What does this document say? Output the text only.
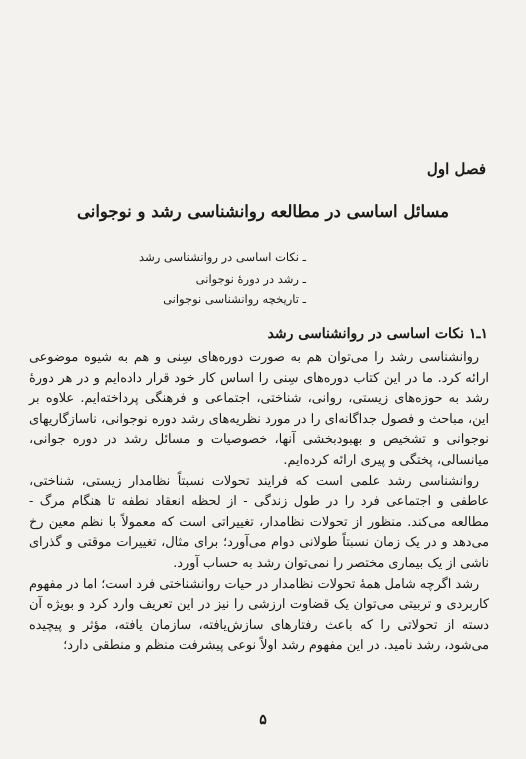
فصل اول
مسائل اساسی در مطالعه روانشناسی رشد و نوجوانی
ـ نکات اساسی در روانشناسی رشد
ـ رشد در دورهٔ نوجوانی
ـ تاریخچه روانشناسی نوجوانی
۱ـ۱ نکات اساسی در روانشناسی رشد

روانشناسی رشد را می‌توان هم به صورت دوره‌های سِنی و هم به شیوه موضوعی ارائه کرد. ما در این کتاب دوره‌های سِنی را اساس کار خود قرار داده‌ایم و در هر دورهٔ رشد به حوزه‌های زیستی، روانی، شناختی، اجتماعی و فرهنگی پرداخته‌ایم. علاوه بر این، مباحث و فصول جداگانه‌ای را در مورد نظریه‌های رشد دوره نوجوانی، ناسازگاریهای نوجوانی و تشخیص و بهبودبخشی آنها، خصوصیات و مسائل رشد در دوره جوانی، میانسالی، پختگی و پیری ارائه کرده‌ایم.

روانشناسی رشد علمی است که فرایند تحولات نسبتاً نظامدار زیستی، شناختی، عاطفی و اجتماعی فرد را در طول زندگی - از لحظه انعقاد نطفه تا هنگام مرگ - مطالعه می‌کند. منظور از تحولات نظامدار، تغییراتی است که معمولاً با نظم معین رخ می‌دهد و در یک زمان نسبتاً طولانی دوام می‌آورد؛ برای مثال، تغییرات موقتی و گذرای ناشی از یک بیماری مختصر را نمی‌توان رشد به حساب آورد.

رشد اگرچه شامل همهٔ تحولات نظامدار در حیات روانشناختی فرد است؛ اما در مفهوم کاربردی و تربیتی می‌توان یک قضاوت ارزشی را نیز در این تعریف وارد کرد و بویژه آن دسته از تحولاتی را که باعث رفتارهای سازش‌یافته، سازمان یافته، مؤثر و پیچیده می‌شود، رشد نامید. در این مفهوم رشد اولاً نوعی پیشرفت منظم و منطقی دارد؛

۵
